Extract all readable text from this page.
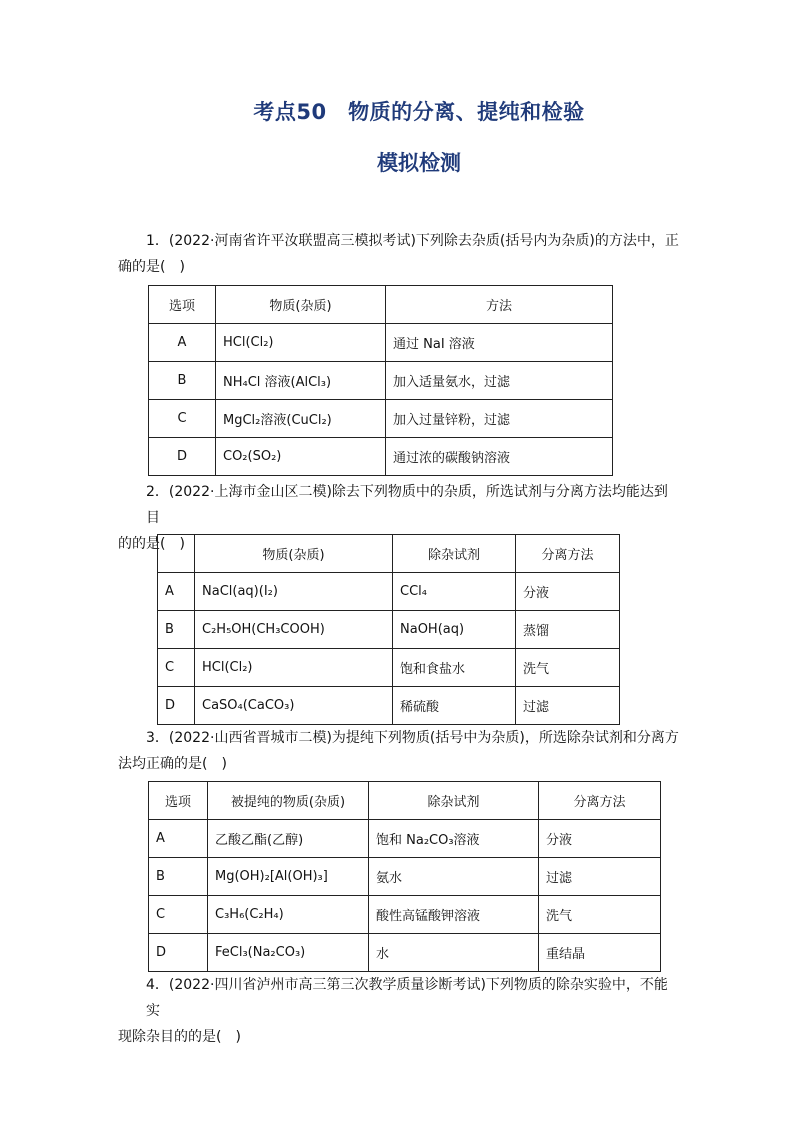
考点50　物质的分离、提纯和检验
模拟检测
1．(2022·河南省许平汝联盟高三模拟考试)下列除去杂质(括号内为杂质)的方法中，正
确的是(　)
选项	物质(杂质)	方法
A	HCl(Cl₂)	通过 NaI 溶液
B	NH₄Cl 溶液(AlCl₃)	加入适量氨水，过滤
C	MgCl₂溶液(CuCl₂)	加入过量锌粉，过滤
D	CO₂(SO₂)	通过浓的碳酸钠溶液
2．(2022·上海市金山区二模)除去下列物质中的杂质，所选试剂与分离方法均能达到目
的的是(　)
	物质(杂质)	除杂试剂	分离方法
A	NaCl(aq)(I₂)	CCl₄	分液
B	C₂H₅OH(CH₃COOH)	NaOH(aq)	蒸馏
C	HCl(Cl₂)	饱和食盐水	洗气
D	CaSO₄(CaCO₃)	稀硫酸	过滤
3．(2022·山西省晋城市二模)为提纯下列物质(括号中为杂质)，所选除杂试剂和分离方
法均正确的是(　)
选项	被提纯的物质(杂质)	除杂试剂	分离方法
A	乙酸乙酯(乙醇)	饱和 Na₂CO₃溶液	分液
B	Mg(OH)₂[Al(OH)₃]	氨水	过滤
C	C₃H₆(C₂H₄)	酸性高锰酸钾溶液	洗气
D	FeCl₃(Na₂CO₃)	水	重结晶
4．(2022·四川省泸州市高三第三次教学质量诊断考试)下列物质的除杂实验中，不能实
现除杂目的的是(　)
